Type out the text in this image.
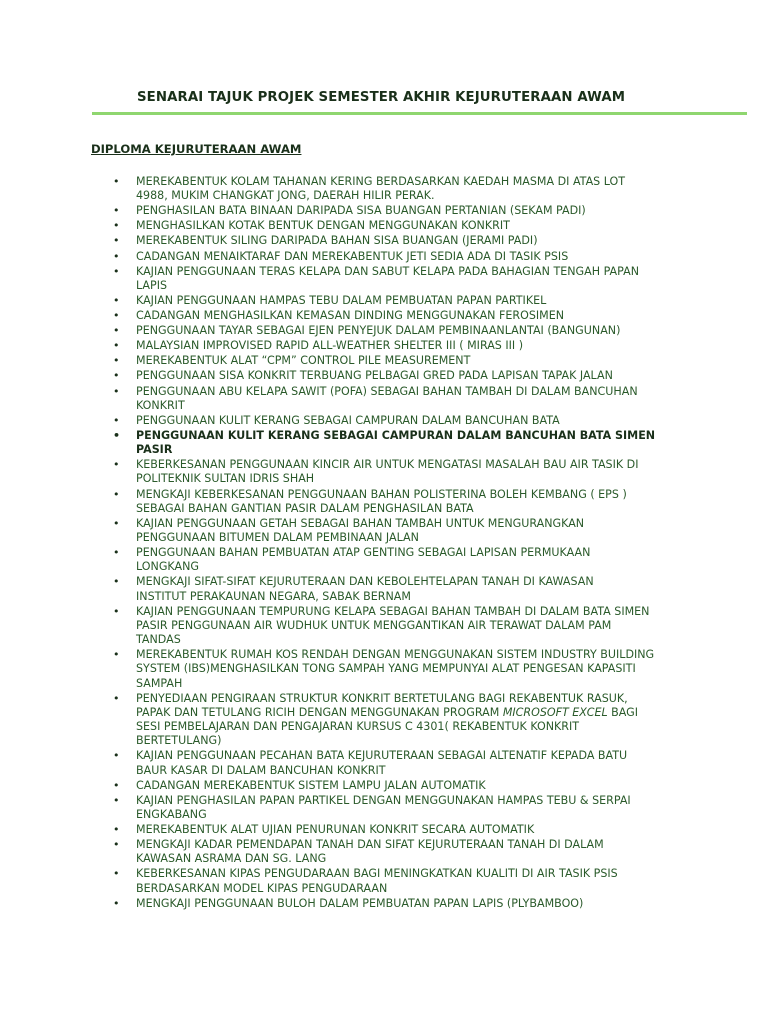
SENARAI TAJUK PROJEK SEMESTER AKHIR KEJURUTERAAN AWAM
DIPLOMA KEJURUTERAAN AWAM
• MEREKABENTUK KOLAM TAHANAN KERING BERDASARKAN KAEDAH MASMA DI ATAS LOT
4988, MUKIM CHANGKAT JONG, DAERAH HILIR PERAK.
• PENGHASILAN BATA BINAAN DARIPADA SISA BUANGAN PERTANIAN (SEKAM PADI)
• MENGHASILKAN KOTAK BENTUK DENGAN MENGGUNAKAN KONKRIT
• MEREKABENTUK SILING DARIPADA BAHAN SISA BUANGAN (JERAMI PADI)
• CADANGAN MENAIKTARAF DAN MEREKABENTUK JETI SEDIA ADA DI TASIK PSIS
• KAJIAN PENGGUNAAN TERAS KELAPA DAN SABUT KELAPA PADA BAHAGIAN TENGAH PAPAN
LAPIS
• KAJIAN PENGGUNAAN HAMPAS TEBU DALAM PEMBUATAN PAPAN PARTIKEL
• CADANGAN MENGHASILKAN KEMASAN DINDING MENGGUNAKAN FEROSIMEN
• PENGGUNAAN TAYAR SEBAGAI EJEN PENYEJUK DALAM PEMBINAANLANTAI (BANGUNAN)
• MALAYSIAN IMPROVISED RAPID ALL-WEATHER SHELTER III ( MIRAS III )
• MEREKABENTUK ALAT “CPM” CONTROL PILE MEASUREMENT
• PENGGUNAAN SISA KONKRIT TERBUANG PELBAGAI GRED PADA LAPISAN TAPAK JALAN
• PENGGUNAAN ABU KELAPA SAWIT (POFA) SEBAGAI BAHAN TAMBAH DI DALAM BANCUHAN
KONKRIT
• PENGGUNAAN KULIT KERANG SEBAGAI CAMPURAN DALAM BANCUHAN BATA
• PENGGUNAAN KULIT KERANG SEBAGAI CAMPURAN DALAM BANCUHAN BATA SIMEN
PASIR
• KEBERKESANAN PENGGUNAAN KINCIR AIR UNTUK MENGATASI MASALAH BAU AIR TASIK DI
POLITEKNIK SULTAN IDRIS SHAH
• MENGKAJI KEBERKESANAN PENGGUNAAN BAHAN POLISTERINA BOLEH KEMBANG ( EPS )
SEBAGAI BAHAN GANTIAN PASIR DALAM PENGHASILAN BATA
• KAJIAN PENGGUNAAN GETAH SEBAGAI BAHAN TAMBAH UNTUK MENGURANGKAN
PENGGUNAAN BITUMEN DALAM PEMBINAAN JALAN
• PENGGUNAAN BAHAN PEMBUATAN ATAP GENTING SEBAGAI LAPISAN PERMUKAAN
LONGKANG
• MENGKAJI SIFAT-SIFAT KEJURUTERAAN DAN KEBOLEHTELAPAN TANAH DI KAWASAN
INSTITUT PERAKAUNAN NEGARA, SABAK BERNAM
• KAJIAN PENGGUNAAN TEMPURUNG KELAPA SEBAGAI BAHAN TAMBAH DI DALAM BATA SIMEN
PASIR PENGGUNAAN AIR WUDHUK UNTUK MENGGANTIKAN AIR TERAWAT DALAM PAM
TANDAS
• MEREKABENTUK RUMAH KOS RENDAH DENGAN MENGGUNAKAN SISTEM INDUSTRY BUILDING
SYSTEM (IBS)MENGHASILKAN TONG SAMPAH YANG MEMPUNYAI ALAT PENGESAN KAPASITI
SAMPAH
• PENYEDIAAN PENGIRAAN STRUKTUR KONKRIT BERTETULANG BAGI REKABENTUK RASUK,
PAPAK DAN TETULANG RICIH DENGAN MENGGUNAKAN PROGRAM MICROSOFT EXCEL BAGI
SESI PEMBELAJARAN DAN PENGAJARAN KURSUS C 4301( REKABENTUK KONKRIT
BERTETULANG)
• KAJIAN PENGGUNAAN PECAHAN BATA KEJURUTERAAN SEBAGAI ALTENATIF KEPADA BATU
BAUR KASAR DI DALAM BANCUHAN KONKRIT
• CADANGAN MEREKABENTUK SISTEM LAMPU JALAN AUTOMATIK
• KAJIAN PENGHASILAN PAPAN PARTIKEL DENGAN MENGGUNAKAN HAMPAS TEBU & SERPAI
ENGKABANG
• MEREKABENTUK ALAT UJIAN PENURUNAN KONKRIT SECARA AUTOMATIK
• MENGKAJI KADAR PEMENDAPAN TANAH DAN SIFAT KEJURUTERAAN TANAH DI DALAM
KAWASAN ASRAMA DAN SG. LANG
• KEBERKESANAN KIPAS PENGUDARAAN BAGI MENINGKATKAN KUALITI DI AIR TASIK PSIS
BERDASARKAN MODEL KIPAS PENGUDARAAN
• MENGKAJI PENGGUNAAN BULOH DALAM PEMBUATAN PAPAN LAPIS (PLYBAMBOO)
